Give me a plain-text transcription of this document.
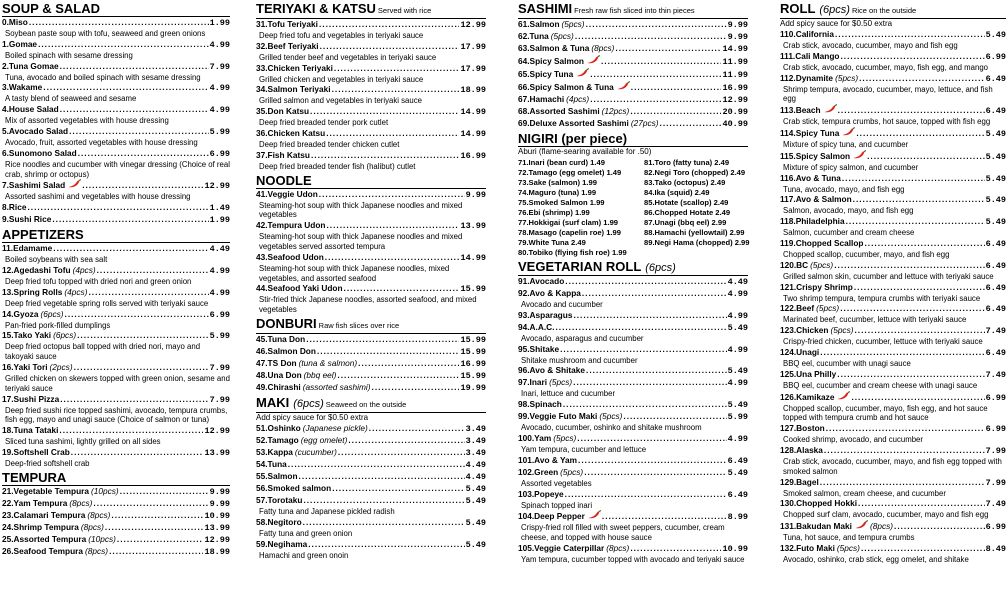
SOUP & SALAD
0. Miso .....	1.99
Soybean paste soup with tofu, seaweed and green onions
1. Gomae .....	4.99
Boiled spinach with sesame dressing
2. Tuna Gomae .....	7.99
Tuna, avocado and boiled spinach with sesame dressing
3. Wakame .....	4.99
A tasty blend of seaweed and sesame
4. House Salad .....	4.99
Mix of assorted vegetables with house dressing
5. Avocado Salad .....	5.99
Avocado, fruit, assorted vegetables with house dressing
6. Sunomono Salad .....	6.99
Rice noodles and cucumber with vinegar dressing (Choice of real crab, shrimp or octopus)
7. Sashimi Salad .....	12.99
Assorted sashimi and vegetables with house dressing
8. Rice .....	1.49
9. Sushi Rice .....	1.99
APPETIZERS
11. Edamame .....	4.49
Boiled soybeans with sea salt
12. Agedashi Tofu (4pcs) .....	4.99
Deep fried tofu topped with dried nori and green onion
13. Spring Rolls (4pcs) .....	4.99
Deep fried vegetable spring rolls served with teriyaki sauce
14. Gyoza (6pcs) .....	6.99
Pan-fried pork-filled dumplings
15. Tako Yaki (6pcs) .....	5.99
Deep fried octopus ball topped with dried nori, mayo and takoyaki sauce
16. Yaki Tori (2pcs) .....	7.99
Grilled chicken on skewers topped with green onion, sesame and teriyaki sauce
17. Sushi Pizza .....	7.99
Deep fried sushi rice topped sashimi, avocado, tempura crumbs, fish egg, mayo and unagi sauce (Choice of salmon or tuna)
18. Tuna Tataki .....	12.99
Sliced tuna sashimi, lightly grilled on all sides
19. Softshell Crab .....	13.99
Deep-fried softshell crab
TEMPURA
21. Vegetable Tempura (10pcs) .....	9.99
22. Yam Tempura (8pcs) .....	9.99
23. Calamari Tempura (8pcs) .....	10.99
24. Shrimp Tempura (8pcs) .....	13.99
25. Assorted Tempura (10pcs) .....	12.99
26. Seafood Tempura (8pcs) .....	18.99
TERIYAKI & KATSU Served with rice
31. Tofu Teriyaki .....	12.99
Deep fried tofu and vegetables in teriyaki sauce
32. Beef Teriyaki .....	17.99
Grilled tender beef and vegetables in teriyaki sauce
33. Chicken Teriyaki .....	17.99
Grilled chicken and vegetables in teriyaki sauce
34. Salmon Teriyaki .....	18.99
Grilled salmon and vegetables in teriyaki sauce
35. Don Katsu .....	14.99
Deep fried breaded tender pork cutlet
36. Chicken Katsu .....	14.99
Deep fried breaded tender chicken cutlet
37. Fish Katsu .....	16.99
Deep fried breaded tender fish (halibut) cutlet
NOODLE
41. Veggie Udon .....	9.99
Steaming-hot soup with thick Japanese noodles and mixed vegetables
42. Tempura Udon .....	13.99
Steaming-hot soup with thick Japanese noodles and mixed vegetables served assorted tempura
43. Seafood Udon .....	14.99
Steaming-hot soup with thick Japanese noodles, mixed vegetables, and assorted seafood
44. Seafood Yaki Udon .....	15.99
Stir-fried thick Japanese noodles, assorted seafood, and mixed vegetables
DONBURI Raw fish slices over rice
45. Tuna Don .....	15.99
46. Salmon Don .....	15.99
47. TS Don (tuna & salmon) .....	16.99
48. Una Don (bbq eel) .....	15.99
49. Chirashi (assorted sashimi) .....	19.99
MAKI (6pcs) Seaweed on the outside
Add spicy sauce for $0.50 extra
51. Oshinko (Japanese pickle) .....	3.49
52. Tamago (egg omelet) .....	3.49
53. Kappa (cucumber) .....	3.49
54. Tuna .....	4.49
55. Salmon .....	4.49
56. Smoked salmon .....	5.49
57. Torotaku .....	5.49
Fatty tuna and Japanese pickled radish
58. Negitoro .....	5.49
Fatty tuna and green onion
59. Negihama .....	5.49
Hamachi and green onoin
SASHIMI Fresh raw fish sliced into thin pieces
61. Salmon (5pcs) .....	9.99
62. Tuna (5pcs) .....	9.99
63. Salmon & Tuna (8pcs) .....	14.99
64. Spicy Salmon .....	11.99
65. Spicy Tuna .....	11.99
66. Spicy Salmon & Tuna .....	16.99
67. Hamachi (4pcs) .....	12.99
68. Assorted Sashimi (12pcs) .....	20.99
69. Deluxe Assorted Sashimi (27pcs) .....	40.99
NIGIRI (per piece)
Aburi (flame-searing available for .50)
71.Inari (bean curd) 1.49	81.Toro (fatty tuna) 2.49
72.Tamago (egg omelet) 1.49	82.Negi Toro (chopped) 2.49
73.Sake (salmon) 1.99	83.Tako (octopus) 2.49
74.Maguro (tuna) 1.99	84.Ika (squid) 2.49
75.Smoked Salmon 1.99	85.Hotate (scallop) 2.49
76.Ebi (shrimp) 1.99	86.Chopped Hotate 2.49
77.Hokkigai (surf clam) 1.99	87.Unagi (bbq eel) 2.99
78.Masago (capelin roe) 1.99	88.Hamachi (yellowtail) 2.99
79.White Tuna 2.49	89.Negi Hama (chopped) 2.99
80.Tobiko (flying fish roe) 1.99
VEGETARIAN ROLL (6pcs)
91. Avocado .....	4.49
92. Avo & Kappa .....	4.99
Avocado and cucumber
93. Asparagus .....	4.99
94. A.A.C. .....	5.49
Avocado, asparagus and cucumber
95. Shitake .....	4.99
Shitake mushroom and cucumber
96. Avo & Shitake .....	5.49
97. Inari (5pcs) .....	4.99
Inari, lettuce and cucumber
98. Spinach .....	5.49
99. Veggie Futo Maki (5pcs) .....	5.99
Avocado, cucumber, oshinko and shitake mushroom
100. Yam (5pcs) .....	4.99
Yam tempura, cucumber and lettuce
101. Avo & Yam .....	6.49
102. Green (5pcs) .....	5.49
Assorted vegetables
103. Popeye .....	6.49
Spinach topped inari
104. Deep Pepper .....	8.99
Crispy-fried roll filled with sweet peppers, cucumber, cream cheese, and topped with house sauce
105. Veggie Caterpillar (8pcs) .....	10.99
Yam tempura, cucumber topped with avocado and teriyaki sauce
ROLL (6pcs) Rice on the outside
Add spicy sauce for $0.50 extra
110. California .....	5.49
Crab stick, avocado, cucumber, mayo and fish egg
111. Cali Mango .....	6.99
Crab stick, avocado, cucumber, mayo, fish egg, and mango
112. Dynamite (5pcs) .....	6.49
Shrimp tempura, avocado, cucumber, mayo, lettuce, and fish egg
113. Beach .....	6.49
Crab stick, tempura crumbs, hot sauce, topped with fish egg
114. Spicy Tuna .....	5.49
Mixture of spicy tuna, and cucumber
115. Spicy Salmon .....	5.49
Mixture of spicy salmon, and cucumber
116. Avo & Tuna .....	5.49
Tuna, avocado, mayo, and fish egg
117. Avo & Salmon .....	5.49
Salmon, avocado, mayo, and fish egg
118. Philadelphia .....	5.49
Salmon, cucumber and cream cheese
119. Chopped Scallop .....	6.49
Chopped scallop, cucumber, mayo, and fish egg
120. BC (5pcs) .....	6.49
Grilled salmon skin, cucumber and lettuce with teriyaki sauce
121. Crispy Shrimp .....	6.49
Two shrimp tempura, tempura crumbs with teriyaki sauce
122. Beef (5pcs) .....	6.49
Marinated beef, cucumber, lettuce with teriyaki sauce
123. Chicken (5pcs) .....	7.49
Crispy-fried chicken, cucumber, lettuce with teriyaki sauce
124. Unagi .....	6.49
BBQ eel, cucumber with unagi sauce
125. Una Philly .....	7.49
BBQ eel, cucumber and cream cheese with unagi sauce
126. Kamikaze .....	6.99
Chopped scallop, cucumber, mayo, fish egg, and hot sauce topped with tempura crumb and hot sauce
127. Boston .....	6.99
Cooked shrimp, avocado, and cucumber
128. Alaska .....	7.99
Crab stick, avocado, cucumber, mayo, and fish egg topped with smoked salmon
129. Bagel .....	7.99
Smoked salmon, cream cheese, and cucumber
130. Chopped Hokki .....	7.49
Chopped surf clam, avocado, cucumber, mayo and fish egg
131. Bakudan Maki (8pcs) .....	6.99
Tuna, hot sauce, and tempura crumbs
132. Futo Maki (5pcs) .....	8.49
Avocado, oshinko, crab stick, egg omelet, and shitake
